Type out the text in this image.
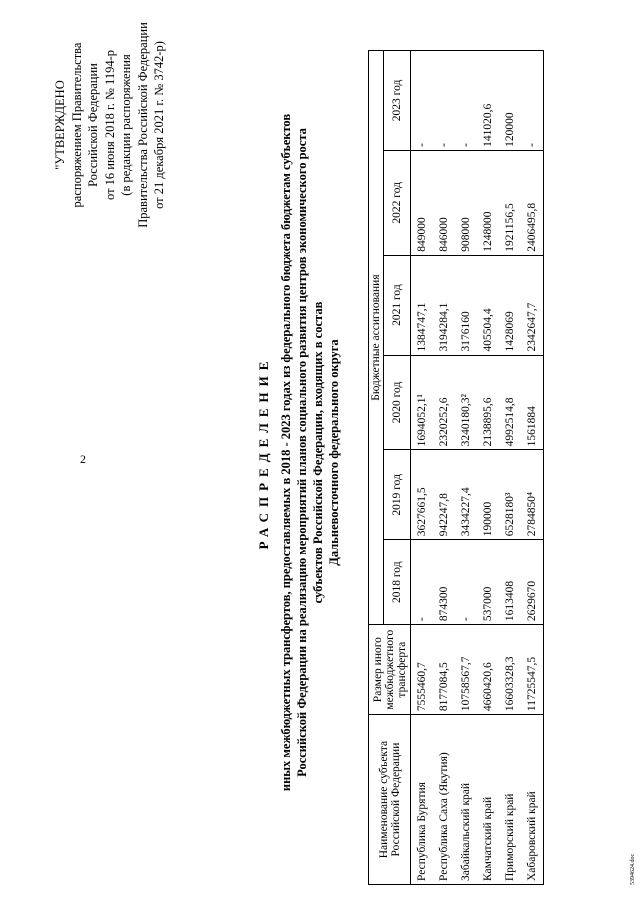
2
"УТВЕРЖДЕНО распоряжением Правительства Российской Федерации от 16 июня 2018 г. № 1194-р (в редакции распоряжения Правительства Российской Федерации от 21 декабря 2021 г. № 3742-р)
РАСПРЕДЕЛЕНИЕ иных межбюджетных трансфертов, предоставляемых в 2018 - 2023 годах из федерального бюджета бюджетам субъектов Российской Федерации на реализацию мероприятий планов социального развития центров экономического роста субъектов Российской Федерации, входящих в состав Дальневосточного федерального округа
Наименование субъекта Российской Федерации	Размер иного межбюджетного трансферта	Бюджетные ассигнования					
		2018 год	2019 год	2020 год	2021 год	2022 год	2023 год
Республика Бурятия	7555460,7	-	3627661,5	1694052,1¹	1384747,1	849000	-
Республика Саха (Якутия)	8177084,5	874300	942247,8	2320252,6	3194284,1	846000	-
Забайкальский край	10758567,7	-	3434227,4	3240180,3²	3176160	908000	-
Камчатский край	4660420,6	537000	190000	2138895,6	405504,4	1248000	141020,6
Приморский край	16603328,3	1613408	6528180³	4992514,8	1428069	1921156,5	120000
Хабаровский край	11725547,5	2629670	2784850⁴	1561884	2342647,7	2406495,8	-
5394624.doc
